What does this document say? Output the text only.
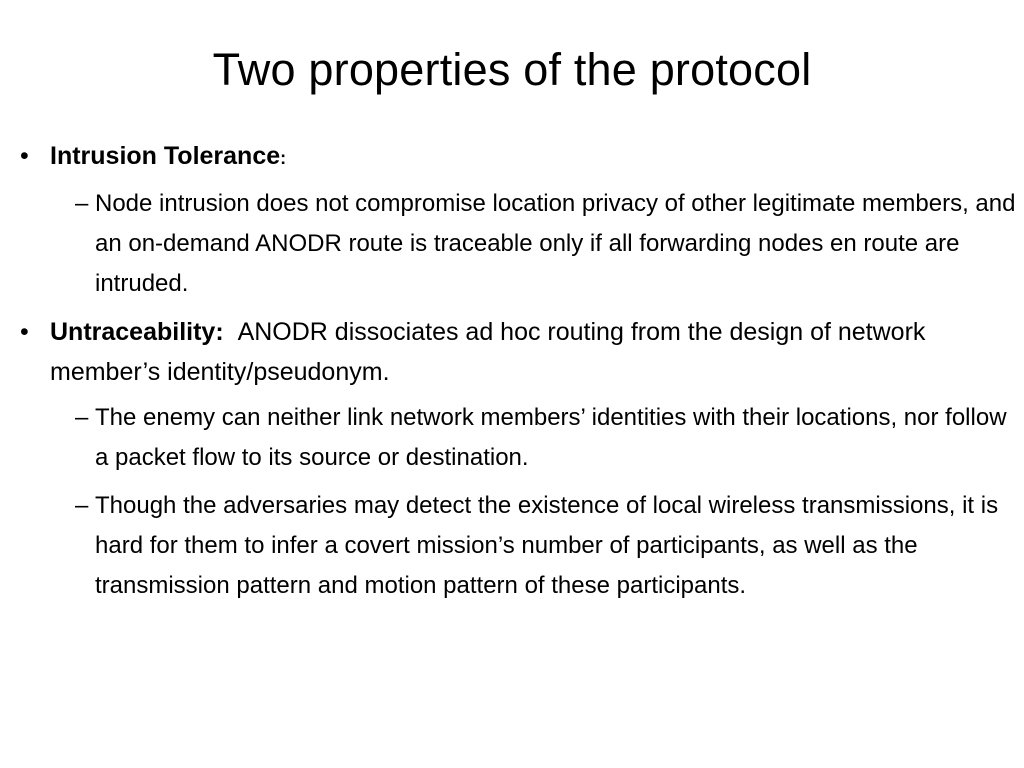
Two properties of the protocol
• Intrusion Tolerance:
– Node intrusion does not compromise location privacy of other legitimate members, and an on-demand ANODR route is traceable only if all forwarding nodes en route are intruded.
• Untraceability: ANODR dissociates ad hoc routing from the design of network member’s identity/pseudonym.
– The enemy can neither link network members’ identities with their locations, nor follow a packet flow to its source or destination.
– Though the adversaries may detect the existence of local wireless transmissions, it is hard for them to infer a covert mission’s number of participants, as well as the transmission pattern and motion pattern of these participants.
